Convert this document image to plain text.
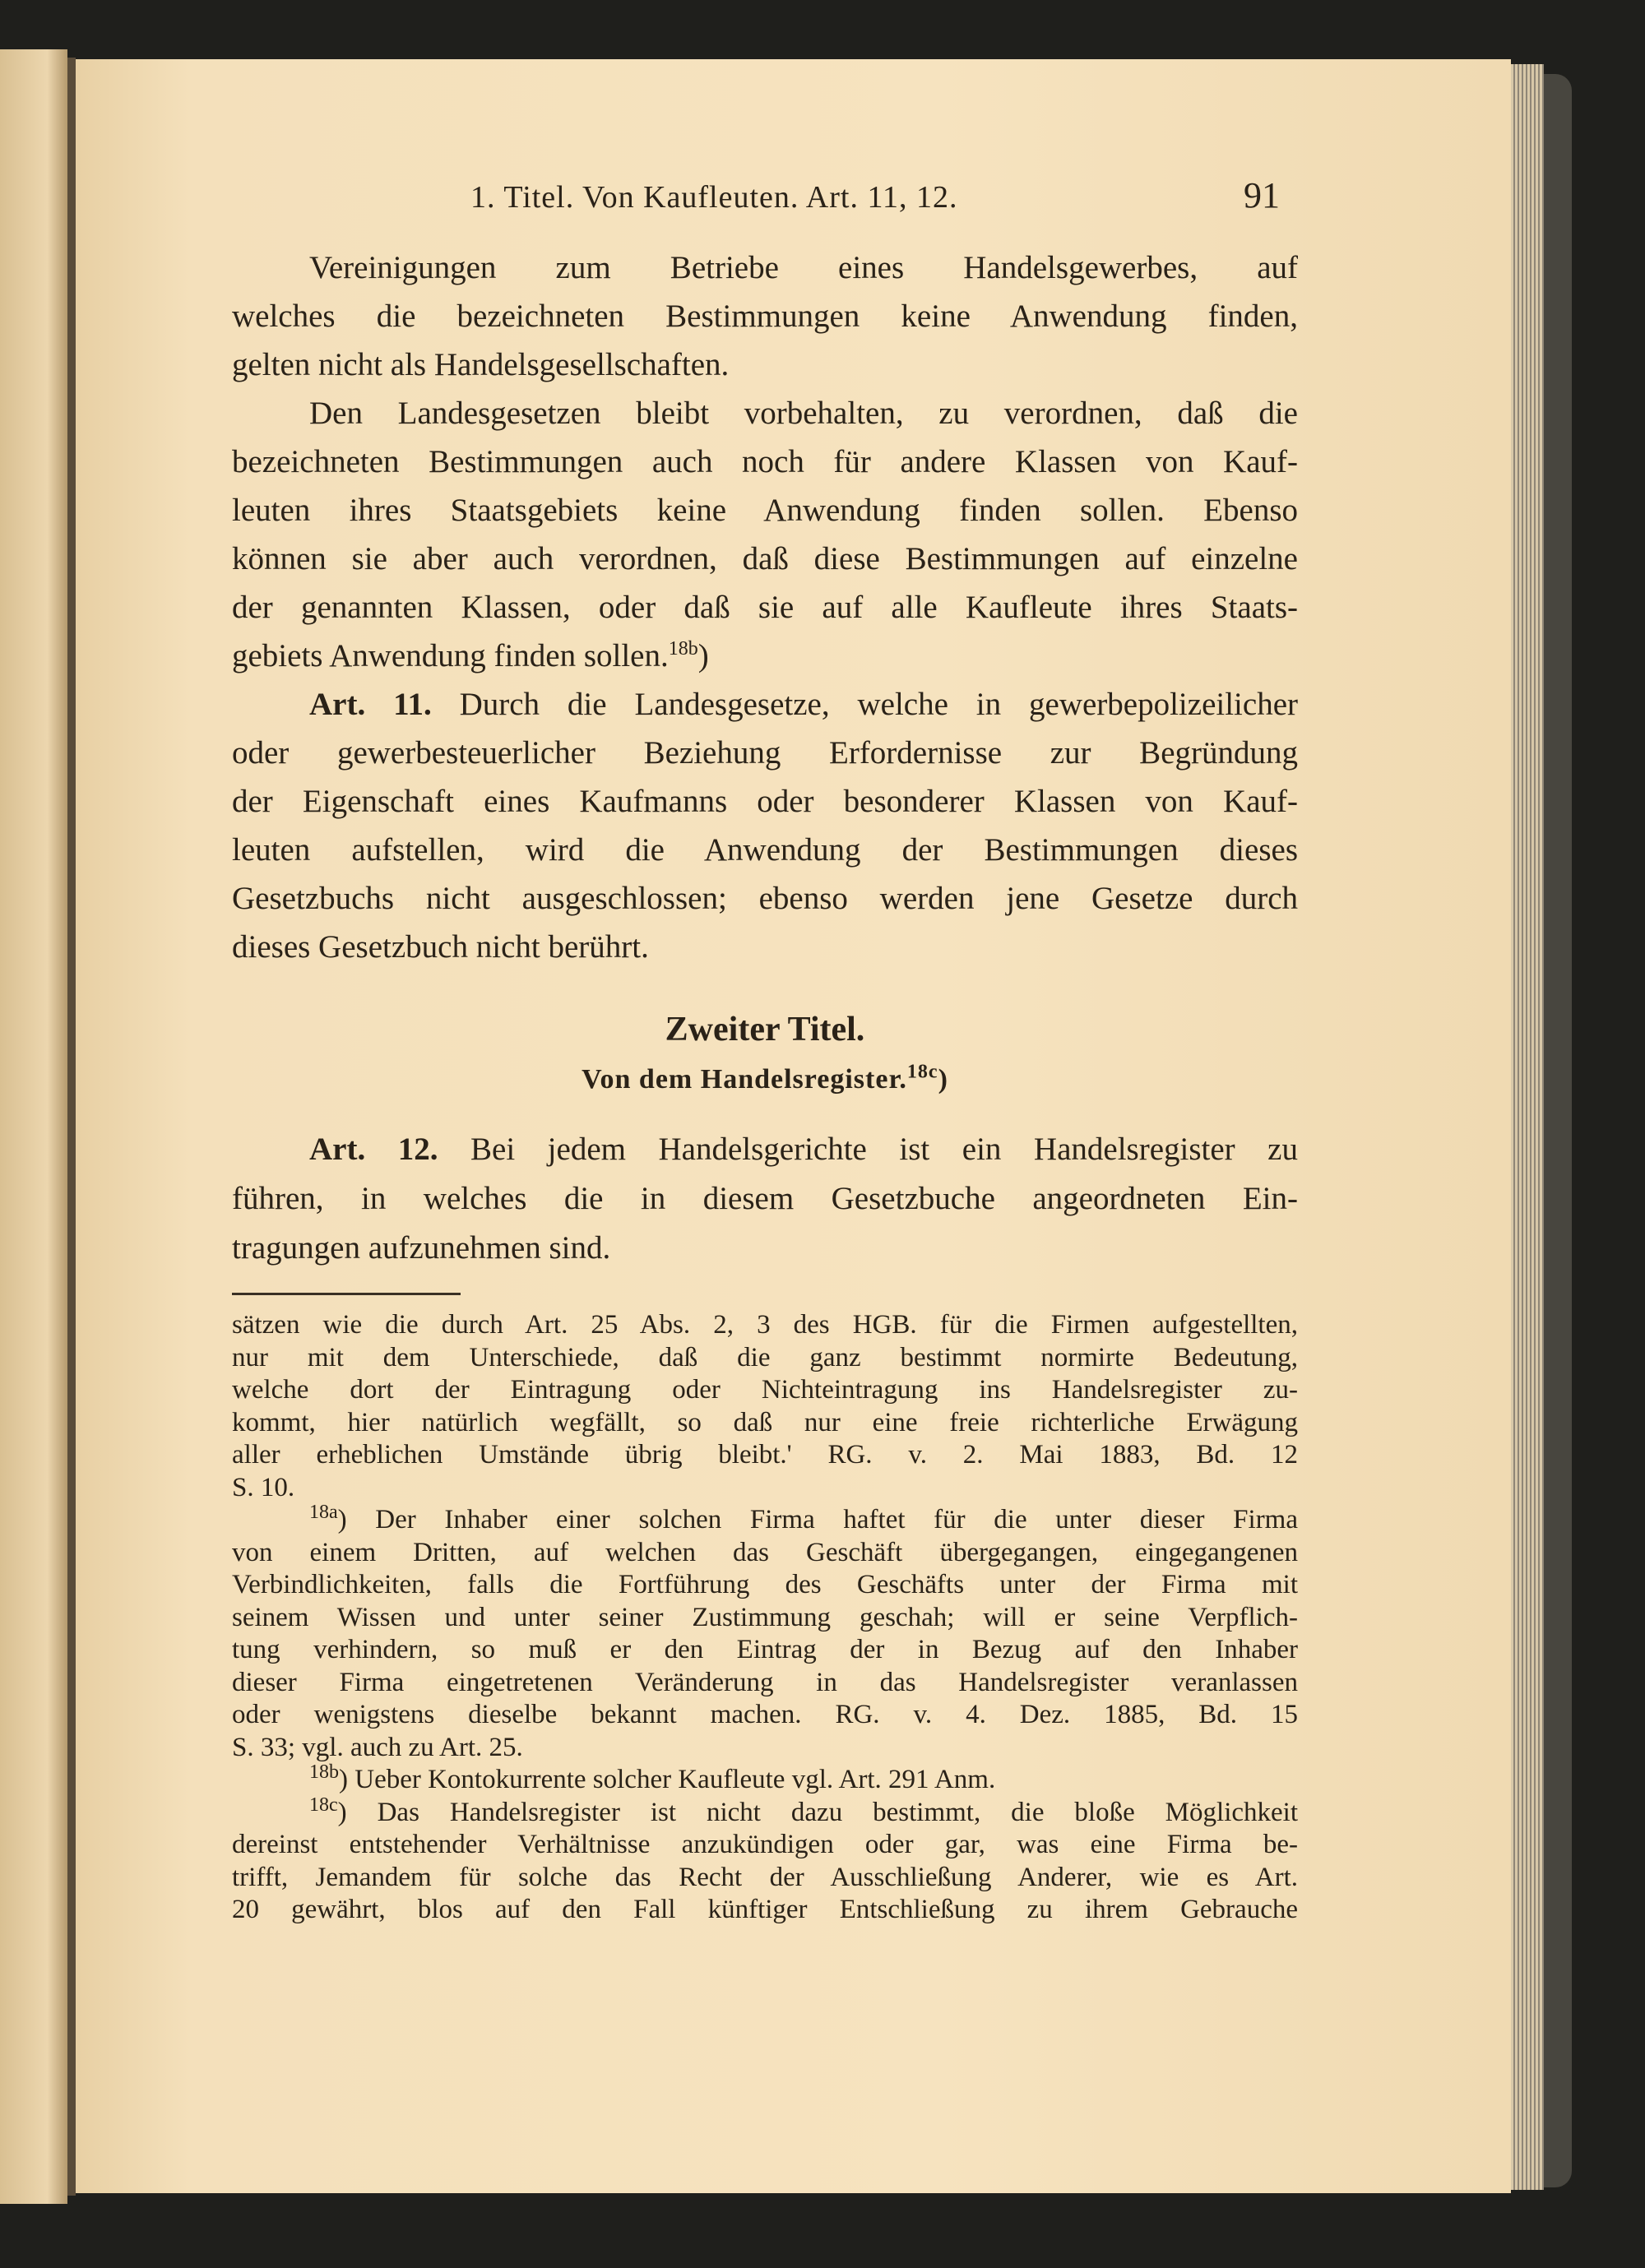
1. Titel. Von Kaufleuten. Art. 11, 12.	91
Vereinigungen zum Betriebe eines Handelsgewerbes, auf
welches die bezeichneten Bestimmungen keine Anwendung finden,
gelten nicht als Handelsgesellschaften.
Den Landesgesetzen bleibt vorbehalten, zu verordnen, daß die
bezeichneten Bestimmungen auch noch für andere Klassen von Kauf-
leuten ihres Staatsgebiets keine Anwendung finden sollen. Ebenso
können sie aber auch verordnen, daß diese Bestimmungen auf einzelne
der genannten Klassen, oder daß sie auf alle Kaufleute ihres Staats-
gebiets Anwendung finden sollen.$^{18b}$)
Art. 11. Durch die Landesgesetze, welche in gewerbepolizeilicher
oder gewerbesteuerlicher Beziehung Erfordernisse zur Begründung
der Eigenschaft eines Kaufmanns oder besonderer Klassen von Kauf-
leuten aufstellen, wird die Anwendung der Bestimmungen dieses
Gesetzbuchs nicht ausgeschlossen; ebenso werden jene Gesetze durch
dieses Gesetzbuch nicht berührt.
Zweiter Titel.
Von dem Handelsregister.$^{18c}$)
Art. 12. Bei jedem Handelsgerichte ist ein Handelsregister zu
führen, in welches die in diesem Gesetzbuche angeordneten Ein-
tragungen aufzunehmen sind.
sätzen wie die durch Art. 25 Abs. 2, 3 des HGB. für die Firmen aufgestellten,
nur mit dem Unterschiede, daß die ganz bestimmt normirte Bedeutung,
welche dort der Eintragung oder Nichteintragung ins Handelsregister zu-
kommt, hier natürlich wegfällt, so daß nur eine freie richterliche Erwägung
aller erheblichen Umstände übrig bleibt.' RG. v. 2. Mai 1883, Bd. 12
S. 10.
$^{18a}$) Der Inhaber einer solchen Firma haftet für die unter dieser Firma
von einem Dritten, auf welchen das Geschäft übergegangen, eingegangenen
Verbindlichkeiten, falls die Fortführung des Geschäfts unter der Firma mit
seinem Wissen und unter seiner Zustimmung geschah; will er seine Verpflich-
tung verhindern, so muß er den Eintrag der in Bezug auf den Inhaber
dieser Firma eingetretenen Veränderung in das Handelsregister veranlassen
oder wenigstens dieselbe bekannt machen. RG. v. 4. Dez. 1885, Bd. 15
S. 33; vgl. auch zu Art. 25.
$^{18b}$) Ueber Kontokurrente solcher Kaufleute vgl. Art. 291 Anm.
$^{18c}$) Das Handelsregister ist nicht dazu bestimmt, die bloße Möglichkeit
dereinst entstehender Verhältnisse anzukündigen oder gar, was eine Firma be-
trifft, Jemandem für solche das Recht der Ausschließung Anderer, wie es Art.
20 gewährt, blos auf den Fall künftiger Entschließung zu ihrem Gebrauche
